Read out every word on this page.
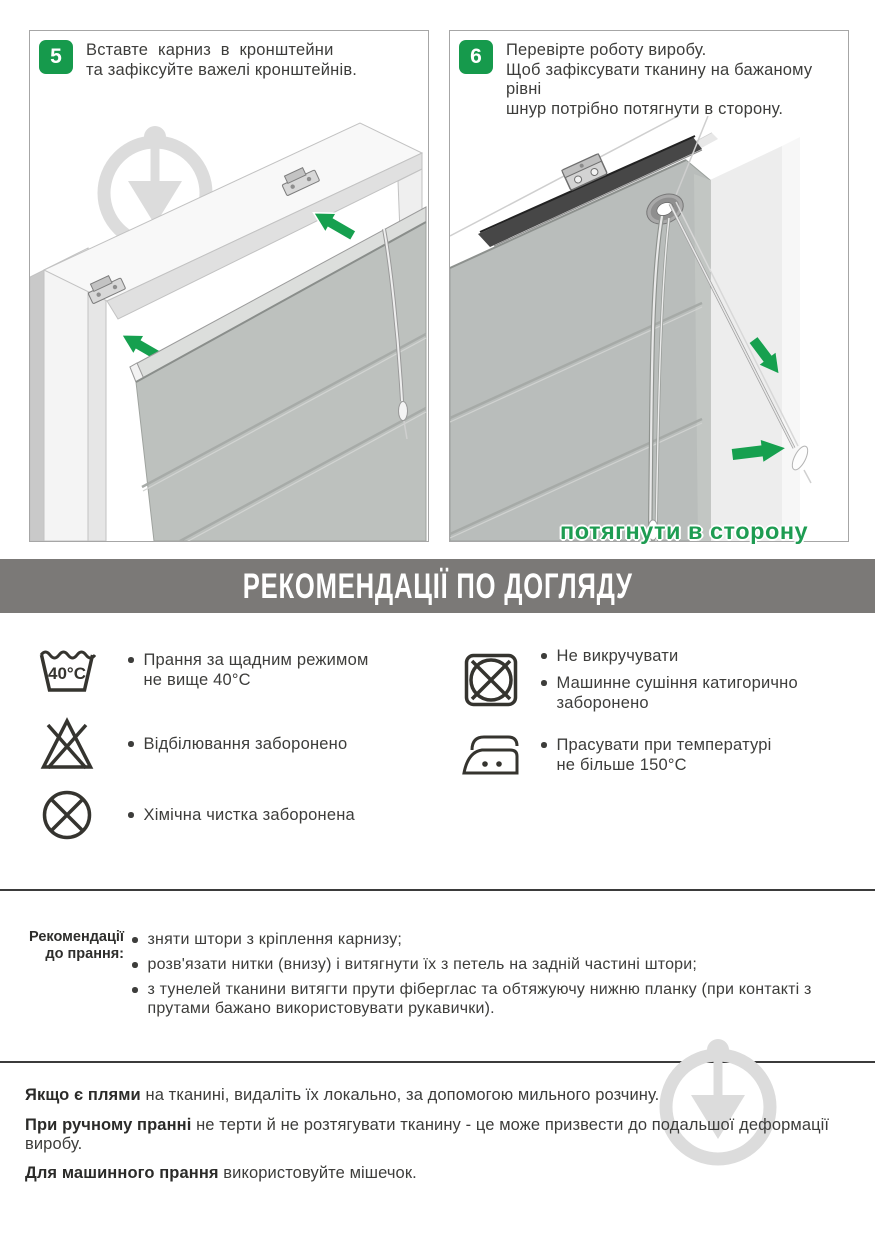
5	Вставте карниз в кронштейни
та зафіксуйте важелі кронштейнів.
6	Перевірте роботу виробу.
Щоб зафіксувати тканину на бажаному рівні
шнур потрібно потягнути в сторону.
потягнути в сторону
РЕКОМЕНДАЦІЇ ПО ДОГЛЯДУ
40°C
Прання за щадним режимом
не вище 40°С
Відбілювання заборонено
Хімічна чистка заборонена
Не викручувати
Машинне сушіння катигорично
заборонено
Прасувати при температурі
не більше 150°С
Рекомендації
до прання:
зняти штори з кріплення карнизу;
розв'язати нитки (внизу) і витягнути їх з петель на задній частині штори;
з тунелей тканини витягти прути фіберглас та обтяжуючу нижню планку (при контакті з прутами бажано використовувати рукавички).
Якщо є плями на тканині, видаліть їх локально, за допомогою мильного розчину.
При ручному пранні не терти й не розтягувати тканину - це може призвести до подальшої деформації виробу.
Для машинного прання використовуйте мішечок.
